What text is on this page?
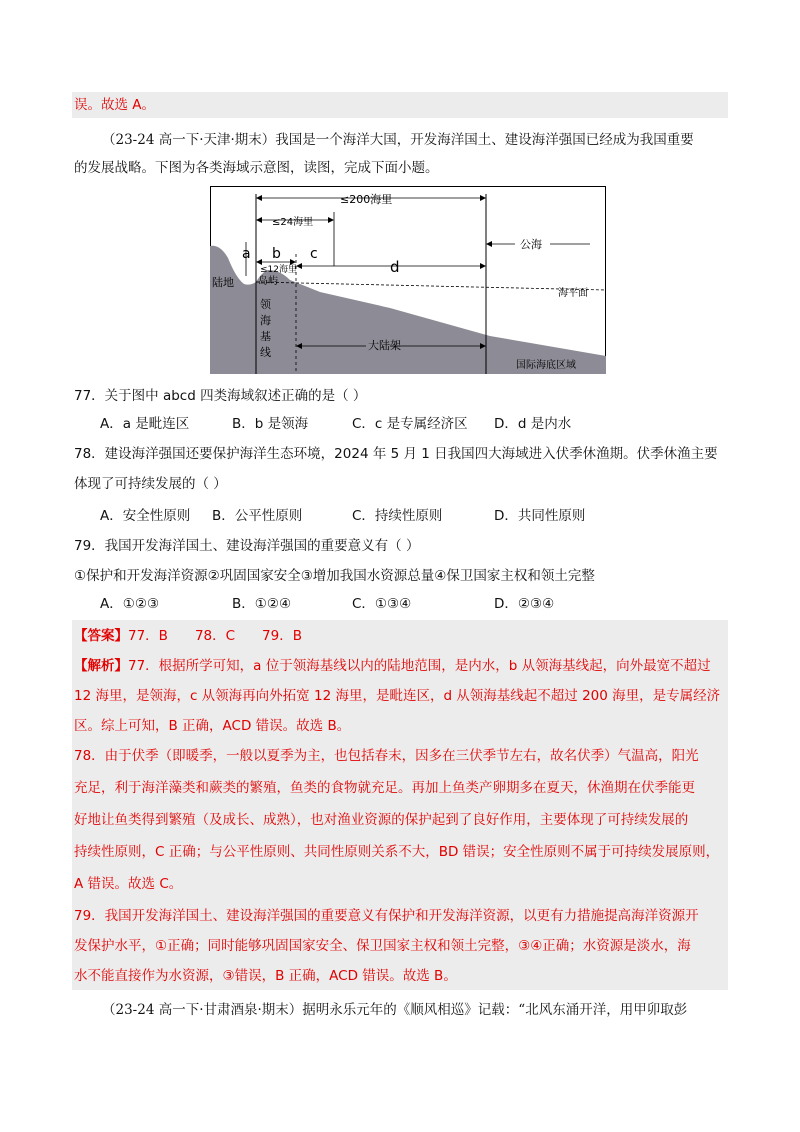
误。故选 A。
（23-24 高一下·天津·期末）我国是一个海洋大国，开发海洋国土、建设海洋强国已经成为我国重要
的发展战略。下图为各类海域示意图，读图，完成下面小题。
≤200海里
≤24海里
≤12海里
a b c
d
陆地 岛屿
领
海
基
线
公海
海平面
大陆架
国际海底区域
77．关于图中 abcd 四类海域叙述正确的是（ ）
A．a 是毗连区	B．b 是领海	C．c 是专属经济区 D．d 是内水
78．建设海洋强国还要保护海洋生态环境，2024 年 5 月 1 日我国四大海域进入伏季休渔期。伏季休渔主要
体现了可持续发展的（ ）
A．安全性原则 B．公平性原则	C．持续性原则	D．共同性原则
79．我国开发海洋国土、建设海洋强国的重要意义有（ ）
①保护和开发海洋资源②巩固国家安全③增加我国水资源总量④保卫国家主权和领土完整
A．①②③	B．①②④	C．①③④	D．②③④
【答案】77．B　　78．C　　79．B
【解析】77．根据所学可知，a 位于领海基线以内的陆地范围，是内水，b 从领海基线起，向外最宽不超过
12 海里，是领海，c 从领海再向外拓宽 12 海里，是毗连区，d 从领海基线起不超过 200 海里，是专属经济
区。综上可知，B 正确，ACD 错误。故选 B。
78．由于伏季（即暖季，一般以夏季为主，也包括春末，因多在三伏季节左右，故名伏季）气温高，阳光
充足，利于海洋藻类和蕨类的繁殖，鱼类的食物就充足。再加上鱼类产卵期多在夏天，休渔期在伏季能更
好地让鱼类得到繁殖（及成长、成熟），也对渔业资源的保护起到了良好作用，主要体现了可持续发展的
持续性原则，C 正确；与公平性原则、共同性原则关系不大，BD 错误；安全性原则不属于可持续发展原则，
A 错误。故选 C。
79．我国开发海洋国土、建设海洋强国的重要意义有保护和开发海洋资源，以更有力措施提高海洋资源开
发保护水平，①正确；同时能够巩固国家安全、保卫国家主权和领土完整，③④正确；水资源是淡水，海
水不能直接作为水资源，③错误，B 正确，ACD 错误。故选 B。
（23-24 高一下·甘肃酒泉·期末）据明永乐元年的《顺风相巡》记载：“北风东涌开洋，用甲卯取彭
